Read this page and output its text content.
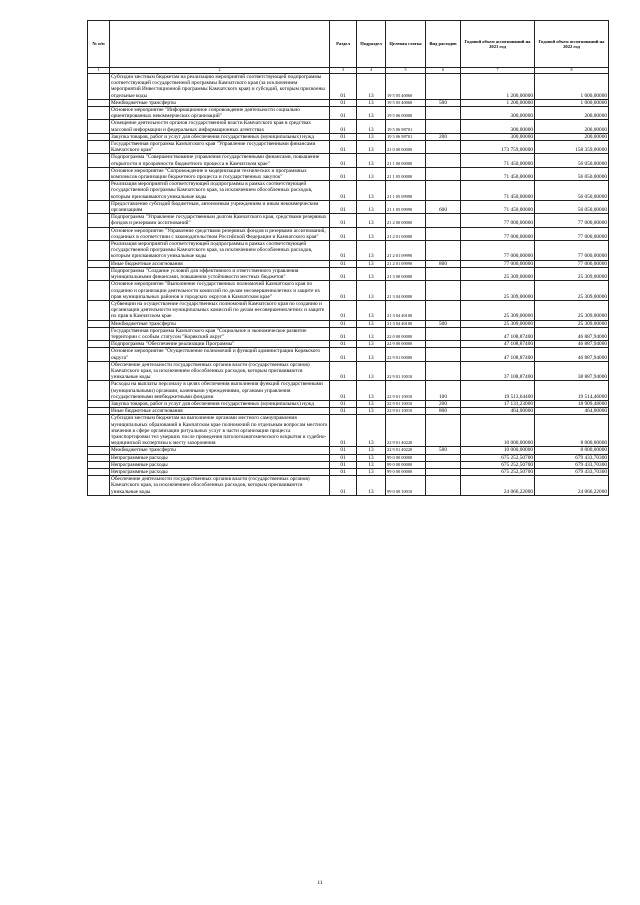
№ п/п		Раздел	Подраздел	Целевая статья	Вид расходов	Годовой объем ассигнований на 2021 год	Годовой объем ассигнований на 2022 год
1	2	3	4	5	6	7	8
	Субсидии местным бюджетам на реализацию мероприятий соответствующей подпрограммы соответствующей государственной программы Камчатского края (за исключением мероприятий Инвестиционной программы Камчатского края) и субсидий, которым присвоены отдельные коды	01	13	19 5 05 40060		1 200,00000	1 000,00000
	Межбюджетные трансферты	01	13	19 5 05 40060	500	1 200,00000	1 000,00000
	Основное мероприятие "Информационное сопровождение деятельности социально ориентированных некоммерческих организаций"	01	13	19 5 06 00000		300,00000	200,00000
	Освещение деятельности органов государственной власти Камчатского края в средствах массовой информации и федеральных информационных агентствах	01	13	19 5 06 98701		300,00000	200,00000
	Закупка товаров, работ и услуг для обеспечения государственных (муниципальных) нужд	01	13	19 5 06 98701	200	300,00000	200,00000
	Государственная программа Камчатского края "Управление государственными финансами Камчатского края"	01	13	21 0 00 00000		173 759,00000	158 359,00000
	Подпрограмма "Совершенствование управления государственными финансами, повышение открытости и прозрачности бюджетного процесса в Камчатском крае"	01	13	21 1 00 00000		71 450,00000	56 050,00000
	Основное мероприятие "Сопровождение и модернизация технических и программных комплексов организации бюджетного процесса и государственных закупок"	01	13	21 1 05 00000		71 450,00000	56 050,00000
	Реализация мероприятий соответствующей подпрограммы в рамках соответствующей государственной программы Камчатского края, за исключением обособленных расходов, которым присваиваются уникальные коды	01	13	21 1 05 09990		71 450,00000	56 050,00000
	Предоставление субсидий бюджетным, автономным учреждениям и иным некоммерческим организациям	01	13	21 1 05 09990	600	71 450,00000	56 050,00000
	Подпрограмма "Управление государственным долгом Камчатского края, средствами резервных фондов и резервами ассигнований"	01	13	21 2 00 00000		77 000,00000	77 000,00000
	Основное мероприятие "Управление средствами резервных фондов и резервами ассигнований, созданных в соответствии с законодательством Российской Федерации и Камчатского края"	01	13	21 2 01 00000		77 000,00000	77 000,00000
	Реализация мероприятий соответствующей подпрограммы в рамках соответствующей государственной программы Камчатского края, за исключением обособленных расходов, которым присваиваются уникальные коды	01	13	21 2 01 09990		77 000,00000	77 000,00000
	Иные бюджетные ассигнования	01	13	21 2 01 09990	800	77 000,00000	77 000,00000
	Подпрограмма "Создание условий для эффективного и ответственного управления муниципальными финансами, повышения устойчивости местных бюджетов"	01	13	21 3 00 00000		25 309,00000	25 309,00000
	Основное мероприятие "Выполнение государственных полномочий Камчатского края по созданию и организации деятельности комиссий по делам несовершеннолетних и защите их прав муниципальных районов и городских округов в Камчатском крае"	01	13	21 3 04 00000		25 309,00000	25 309,00000
	Субвенции на осуществление государственных полномочий Камчатского края по созданию и организации деятельности муниципальных комиссий по делам несовершеннолетних и защите их прав в Камчатском крае	01	13	21 3 04 40100		25 309,00000	25 309,00000
	Межбюджетные трансферты	01	13	21 3 04 40100	500	25 309,00000	25 309,00000
	Государственная программа Камчатского края "Социальное и экономическое развитие территории с особым статусом "Корякский округ"	01	13	22 0 00 00000		47 108,87400	46 887,94000
	Подпрограмма "Обеспечение реализации Программы"	01	13	22 9 00 00000		47 108,87400	46 887,94000
	Основное мероприятие "Осуществление полномочий и функций администрации Корякского округа"	01	13	22 9 01 00000		47 108,87400	46 887,94000
	Обеспечение деятельности государственных органов власти (государственных органов) Камчатского края, за исключением обособленных расходов, которым присваиваются уникальные коды	01	13	22 9 01 10010		37 108,87400	38 887,94000
	Расходы на выплаты персоналу в целях обеспечения выполнения функций государственными (муниципальными) органами, казенными учреждениями, органами управления государственными внебюджетными фондами	01	13	22 9 01 10010	100	19 513,64400	19 514,46000
	Закупка товаров, работ и услуг для обеспечения государственных (муниципальных) нужд	01	13	22 9 01 10010	200	17 131,23000	18 909,48000
	Иные бюджетные ассигнования	01	13	22 9 01 10010	800	464,00000	464,00000
	Субсидии местным бюджетам на выполнение органами местного самоуправления муниципальных образований в Камчатском крае полномочий по отдельным вопросам местного значения в сфере организации ритуальных услуг в части организации процесса транспортировки тел умерших после проведения патологоанатомического вскрытия и судебно-медицинской экспертизы к месту захоронения	01	13	22 9 01 40220		10 000,00000	8 000,00000
	Межбюджетные трансферты	01	13	22 9 01 40220	500	10 000,00000	8 000,00000
	Непрограммные расходы	01	13	99 0 00 00000		675 252,50700	679 433,70300
	Непрограммные расходы	01	13	99 0 00 00000		675 252,50700	679 433,70300
	Непрограммные расходы	01	13	99 0 00 00000		675 252,50700	679 433,70300
	Обеспечение деятельности государственных органов власти (государственных органов) Камчатского края, за исключением обособленных расходов, которым присваиваются уникальные коды	01	13	99 0 00 10010		24 066,22000	24 066,22000
11
